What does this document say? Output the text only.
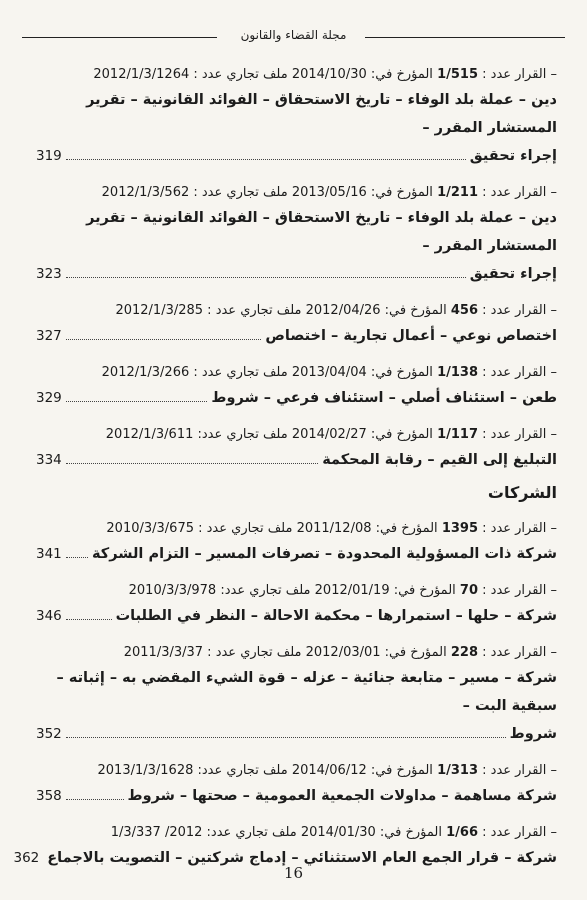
مجلة القضاء والقانون
– القرار عدد : 1/515 المؤرخ في: 2014/10/30 ملف تجاري عدد : 2012/1/3/1264
دين – عملة بلد الوفاء – تاريخ الاستحقاق – الفوائد القانونية – تقرير المستشار المقرر –
إجراء تحقيق
319
– القرار عدد : 1/211 المؤرخ في: 2013/05/16 ملف تجاري عدد : 2012/1/3/562
دين – عملة بلد الوفاء – تاريخ الاستحقاق – الفوائد القانونية – تقرير المستشار المقرر –
إجراء تحقيق
323
– القرار عدد : 456 المؤرخ في: 2012/04/26 ملف تجاري عدد : 2012/1/3/285
اختصاص نوعي – أعمال تجارية – اختصاص
327
– القرار عدد : 1/138 المؤرخ في: 2013/04/04 ملف تجاري عدد : 2012/1/3/266
طعن – استئناف أصلي – استئناف فرعي – شروط
329
– القرار عدد : 1/117 المؤرخ في: 2014/02/27 ملف تجاري عدد: 2012/1/3/611
التبليغ إلى القيم – رقابة المحكمة
334
الشركات
– القرار عدد : 1395 المؤرخ في: 2011/12/08 ملف تجاري عدد : 2010/3/3/675
شركة ذات المسؤولية المحدودة – تصرفات المسير – التزام الشركة
341
– القرار عدد : 70 المؤرخ في: 2012/01/19 ملف تجاري عدد: 2010/3/3/978
شركة – حلها – استمرارها – محكمة الاحالة – النظر في الطلبات
346
– القرار عدد : 228 المؤرخ في: 2012/03/01 ملف تجاري عدد : 2011/3/3/37
شركة – مسير – متابعة جنائية – عزله – قوة الشيء المقضي به – إثباته – سبقية البت –
شروط
352
– القرار عدد : 1/313 المؤرخ في: 2014/06/12 ملف تجاري عدد: 2013/1/3/1628
شركة مساهمة – مداولات الجمعية العمومية – صحتها – شروط
358
– القرار عدد : 1/66 المؤرخ في: 2014/01/30 ملف تجاري عدد: 2012/ 1/3/337
شركة – قرار الجمع العام الاستثنائي – إدماج شركتين – التصويت بالاجماع
362
16
